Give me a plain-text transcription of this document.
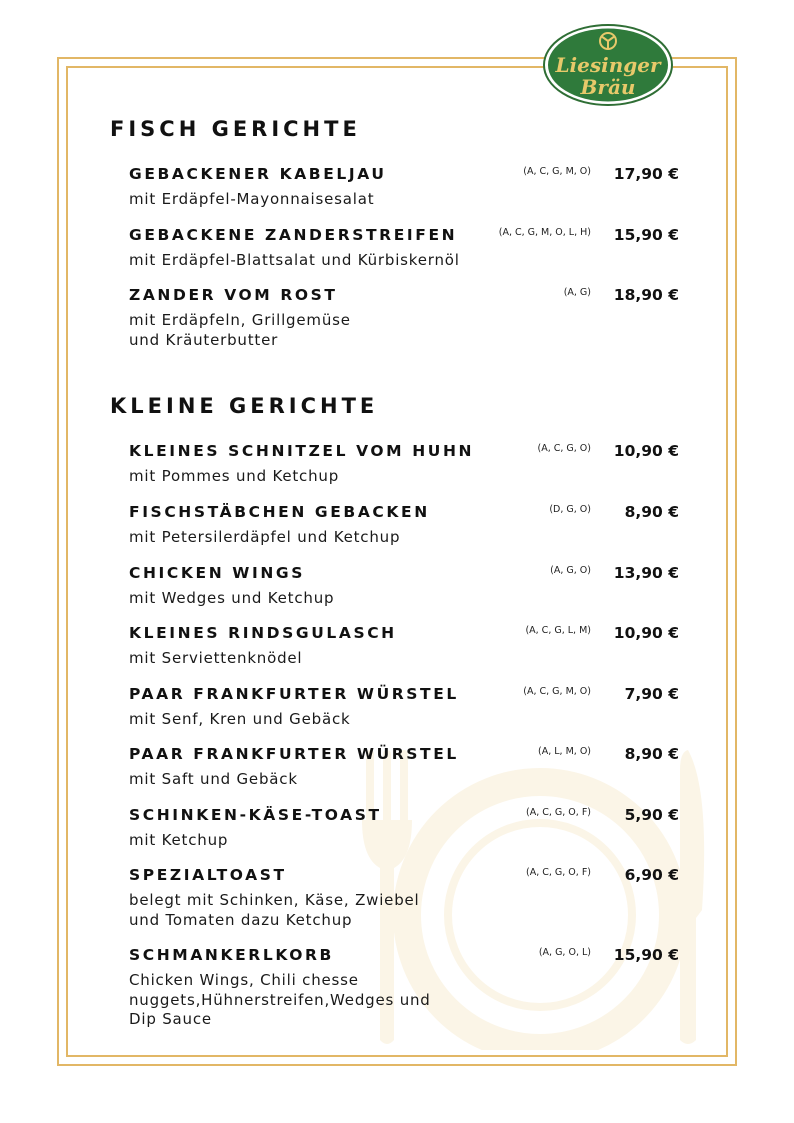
Liesinger
Bräu
FISCH GERICHTE
GEBACKENER KABELJAU	(A, C, G, M, O) 17,90 €
mit Erdäpfel-Mayonnaisesalat
GEBACKENE ZANDERSTREIFEN	(A, C, G, M, O, L, H) 15,90 €
mit Erdäpfel-Blattsalat und Kürbiskernöl
ZANDER VOM ROST	(A, G) 18,90 €
mit Erdäpfeln, Grillgemüse und Kräuterbutter
KLEINE GERICHTE
KLEINES SCHNITZEL VOM HUHN	(A, C, G, O) 10,90 €
mit Pommes und Ketchup
FISCHSTÄBCHEN GEBACKEN	(D, G, O) 8,90 €
mit Petersilerdäpfel und Ketchup
CHICKEN WINGS	(A, G, O) 13,90 €
mit Wedges und Ketchup
KLEINES RINDSGULASCH	(A, C, G, L, M) 10,90 €
mit Serviettenknödel
PAAR FRANKFURTER WÜRSTEL	(A, C, G, M, O) 7,90 €
mit Senf, Kren und Gebäck
PAAR FRANKFURTER WÜRSTEL	(A, L, M, O) 8,90 €
mit Saft und Gebäck
SCHINKEN-KÄSE-TOAST	(A, C, G, O, F) 5,90 €
mit Ketchup
SPEZIALTOAST	(A, C, G, O, F) 6,90 €
belegt mit Schinken, Käse, Zwiebel und Tomaten dazu Ketchup
SCHMANKERLKORB	(A, G, O, L) 15,90 €
Chicken Wings, Chili chesse nuggets,Hühnerstreifen,Wedges und Dip Sauce
